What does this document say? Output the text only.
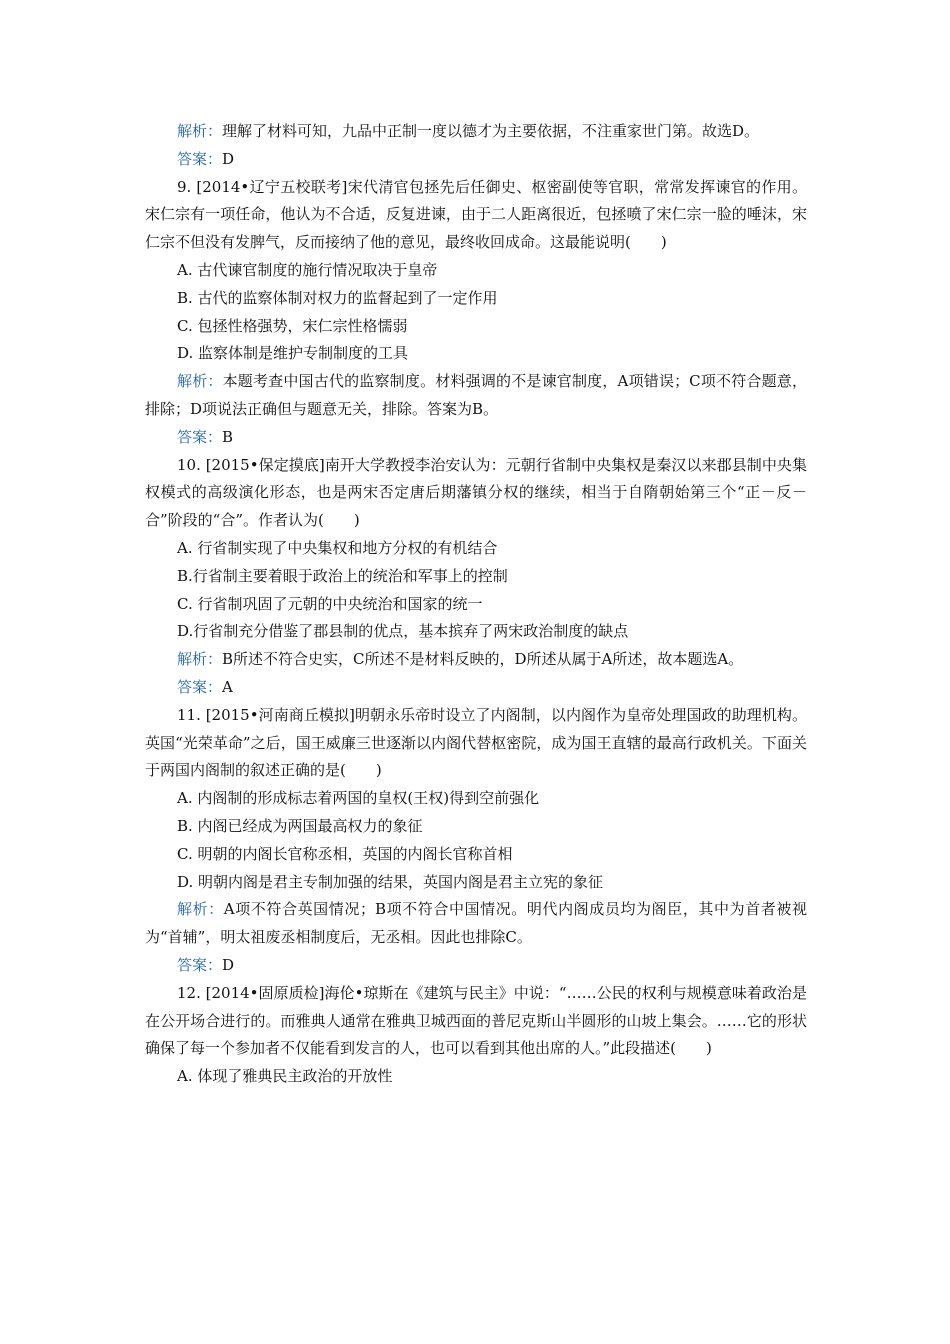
解析：理解了材料可知，九品中正制一度以德才为主要依据，不注重家世门第。故选D。

答案：D

9. [2014•辽宁五校联考]宋代清官包拯先后任御史、枢密副使等官职，常常发挥谏官的作用。宋仁宗有一项任命，他认为不合适，反复进谏，由于二人距离很近，包拯喷了宋仁宗一脸的唾沫，宋仁宗不但没有发脾气，反而接纳了他的意见，最终收回成命。这最能说明(　　)

A. 古代谏官制度的施行情况取决于皇帝

B. 古代的监察体制对权力的监督起到了一定作用

C. 包拯性格强势，宋仁宗性格懦弱

D. 监察体制是维护专制制度的工具

解析：本题考查中国古代的监察制度。材料强调的不是谏官制度，A项错误；C项不符合题意，排除；D项说法正确但与题意无关，排除。答案为B。

答案：B

10. [2015•保定摸底]南开大学教授李治安认为：元朝行省制中央集权是秦汉以来郡县制中央集权模式的高级演化形态，也是两宋否定唐后期藩镇分权的继续，相当于自隋朝始第三个“正－反－合”阶段的“合”。作者认为(　　)

A. 行省制实现了中央集权和地方分权的有机结合

B.行省制主要着眼于政治上的统治和军事上的控制

C. 行省制巩固了元朝的中央统治和国家的统一

D.行省制充分借鉴了郡县制的优点，基本摈弃了两宋政治制度的缺点

解析：B所述不符合史实，C所述不是材料反映的，D所述从属于A所述，故本题选A。

答案：A

11. [2015•河南商丘模拟]明朝永乐帝时设立了内阁制，以内阁作为皇帝处理国政的助理机构。英国“光荣革命”之后，国王威廉三世逐渐以内阁代替枢密院，成为国王直辖的最高行政机关。下面关于两国内阁制的叙述正确的是(　　)

A. 内阁制的形成标志着两国的皇权(王权)得到空前强化

B. 内阁已经成为两国最高权力的象征

C. 明朝的内阁长官称丞相，英国的内阁长官称首相

D. 明朝内阁是君主专制加强的结果，英国内阁是君主立宪的象征

解析：A项不符合英国情况；B项不符合中国情况。明代内阁成员均为阁臣，其中为首者被视为“首辅”，明太祖废丞相制度后，无丞相。因此也排除C。

答案：D

12. [2014•固原质检]海伦•琼斯在《建筑与民主》中说：“……公民的权利与规模意味着政治是在公开场合进行的。而雅典人通常在雅典卫城西面的普尼克斯山半圆形的山坡上集会。……它的形状确保了每一个参加者不仅能看到发言的人，也可以看到其他出席的人。”此段描述(　　)

A. 体现了雅典民主政治的开放性
